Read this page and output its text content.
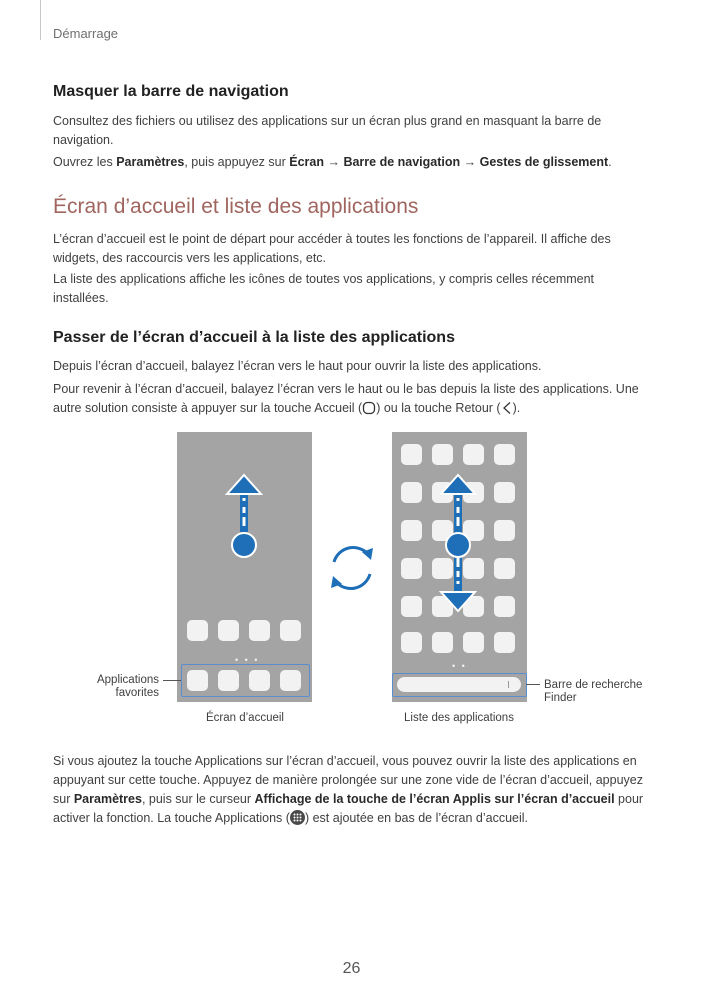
Démarrage
Masquer la barre de navigation

Consultez des fichiers ou utilisez des applications sur un écran plus grand en masquant la barre de navigation.

Ouvrez les Paramètres, puis appuyez sur Écran → Barre de navigation → Gestes de glissement.

Écran d’accueil et liste des applications

L’écran d’accueil est le point de départ pour accéder à toutes les fonctions de l’appareil. Il affiche des widgets, des raccourcis vers les applications, etc.

La liste des applications affiche les icônes de toutes vos applications, y compris celles récemment installées.

Passer de l’écran d’accueil à la liste des applications

Depuis l’écran d’accueil, balayez l’écran vers le haut pour ouvrir la liste des applications.

Pour revenir à l’écran d’accueil, balayez l’écran vers le haut ou le bas depuis la liste des applications. Une autre solution consiste à appuyer sur la touche Accueil ( ) ou la touche Retour ( ).

• • •
Applications favorites
• •
Barre de recherche Finder
Écran d’accueil	Liste des applications

Si vous ajoutez la touche Applications sur l’écran d’accueil, vous pouvez ouvrir la liste des applications en appuyant sur cette touche. Appuyez de manière prolongée sur une zone vide de l’écran d’accueil, appuyez sur Paramètres, puis sur le curseur Affichage de la touche de l’écran Applis sur l’écran d’accueil pour activer la fonction. La touche Applications ( ) est ajoutée en bas de l’écran d’accueil.

26
